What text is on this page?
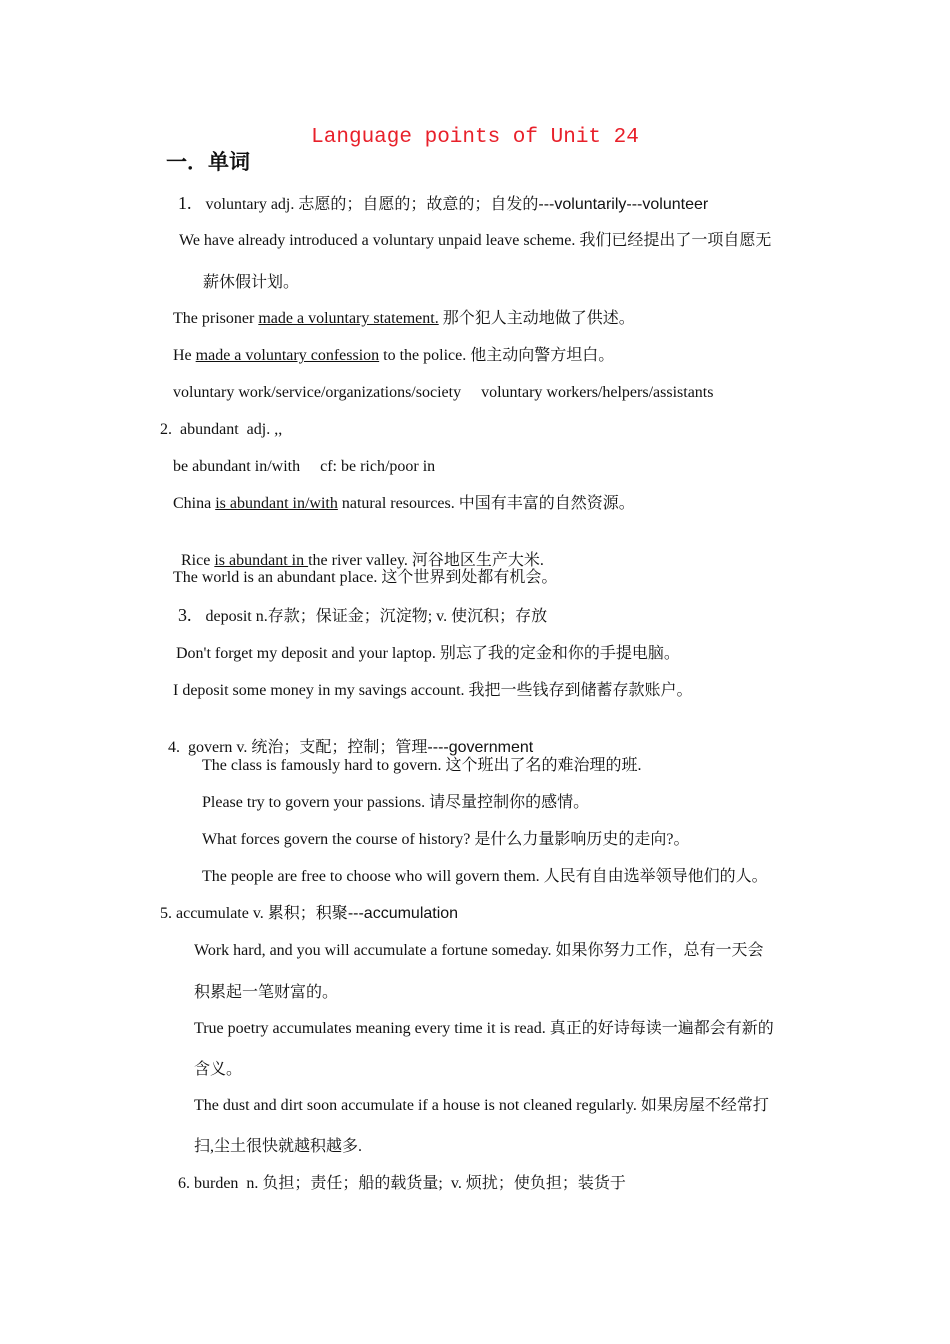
Language points of Unit 24
一．单词
1. voluntary adj. 志愿的；自愿的；故意的；自发的---voluntarily---volunteer
We have already introduced a voluntary unpaid leave scheme. 我们已经提出了一项自愿无
薪休假计划。
The prisoner made a voluntary statement. 那个犯人主动地做了供述。
He made a voluntary confession to the police. 他主动向警方坦白。
voluntary work/service/organizations/society     voluntary workers/helpers/assistants
2.  abundant  adj. ,,
be abundant in/with     cf: be rich/poor in
China is abundant in/with natural resources. 中国有丰富的自然资源。

Rice is abundant in the river valley. 河谷地区生产大米.

The world is an abundant place. 这个世界到处都有机会。
3. deposit n.存款；保证金；沉淀物; v. 使沉积；存放
Don't forget my deposit and your laptop. 别忘了我的定金和你的手提电脑。
I deposit some money in my savings account. 我把一些钱存到储蓄存款账户。

4.  govern v. 统治；支配；控制；管理----government

The class is famously hard to govern. 这个班出了名的难治理的班.
Please try to govern your passions. 请尽量控制你的感情。
What forces govern the course of history? 是什么力量影响历史的走向?。
The people are free to choose who will govern them. 人民有自由选举领导他们的人。
5. accumulate v. 累积；积聚---accumulation
Work hard, and you will accumulate a fortune someday. 如果你努力工作，总有一天会
积累起一笔财富的。
True poetry accumulates meaning every time it is read. 真正的好诗每读一遍都会有新的
含义。
The dust and dirt soon accumulate if a house is not cleaned regularly. 如果房屋不经常打
扫,尘土很快就越积越多.
6. burden  n. 负担；责任；船的载货量;  v. 烦扰；使负担；装货于
